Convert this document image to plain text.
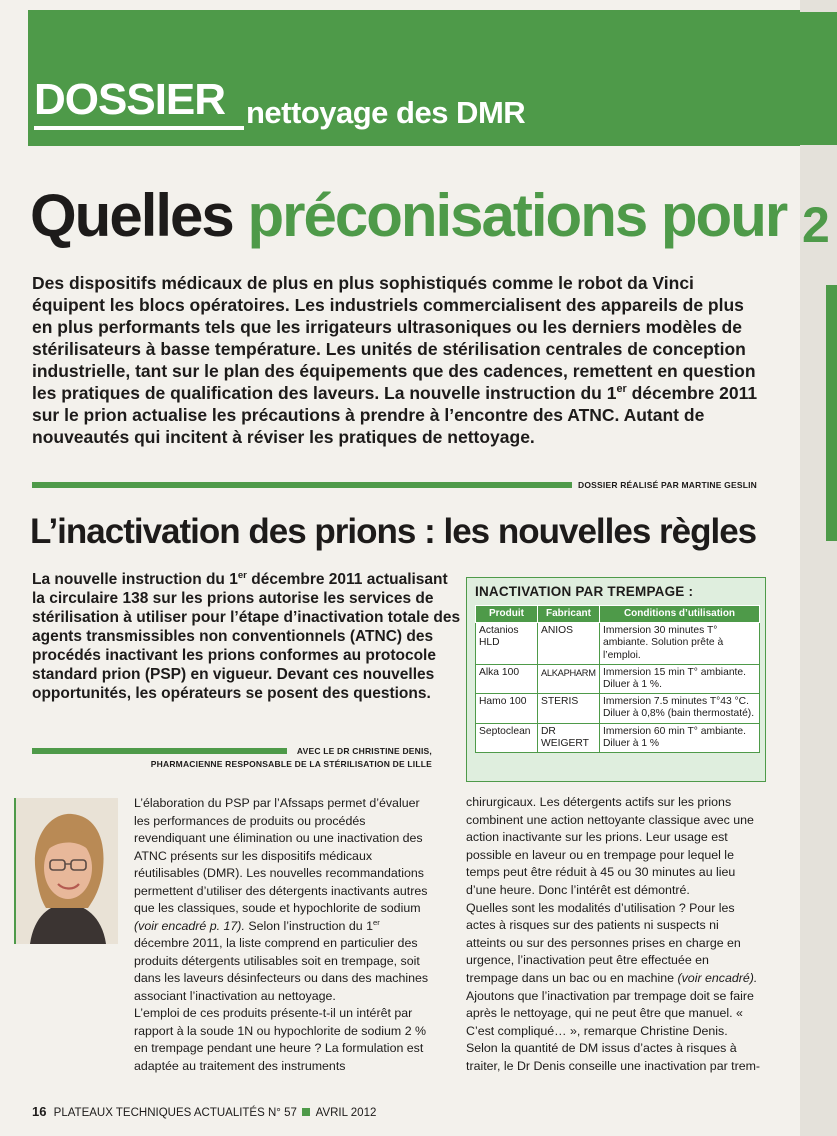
DOSSIER nettoyage des DMR
Quelles préconisations pour
Des dispositifs médicaux de plus en plus sophistiqués comme le robot da Vinci équipent les blocs opératoires. Les industriels commercialisent des appareils de plus en plus performants tels que les irrigateurs ultrasoniques ou les derniers modèles de stérilisateurs à basse température. Les unités de stérilisation centrales de conception industrielle, tant sur le plan des équipements que des cadences, remettent en question les pratiques de qualification des laveurs. La nouvelle instruction du 1er décembre 2011 sur le prion actualise les précautions à prendre à l’encontre des ATNC. Autant de nouveautés qui incitent à réviser les pratiques de nettoyage.
DOSSIER RÉALISÉ PAR MARTINE GESLIN
L’inactivation des prions : les nouvelles règles
La nouvelle instruction du 1er décembre 2011 actualisant la circulaire 138 sur les prions autorise les services de stérilisation à utiliser pour l’étape d’inactivation totale des agents transmissibles non conventionnels (ATNC) des procédés inactivant les prions conformes au protocole standard prion (PSP) en vigueur. Devant ces nouvelles opportunités, les opérateurs se posent des questions.
AVEC LE DR CHRISTINE DENIS,
PHARMACIENNE RESPONSABLE DE LA STÉRILISATION DE LILLE

L’élaboration du PSP par l’Afssaps permet d’évaluer les performances de produits ou procédés revendiquant une élimination ou une inactivation des ATNC présents sur les dispositifs médicaux réutilisables (DMR). Les nouvelles recommandations permettent d’utiliser des détergents inactivants autres que les classiques, soude et hypochlorite de sodium (voir encadré p. 17). Selon l’instruction du 1er décembre 2011, la liste comprend en particulier des produits détergents utilisables soit en trempage, soit dans les laveurs désinfecteurs ou dans des machines associant l’inactivation au nettoyage.

L’emploi de ces produits présente-t-il un intérêt par rapport à la soude 1N ou hypochlorite de sodium 2 % en trempage pendant une heure ? La formulation est adaptée au traitement des instruments

INACTIVATION PAR TREMPAGE :
Produit	Fabricant	Conditions d’utilisation
Actanios HLD	ANIOS	Immersion 30 minutes T° ambiante. Solution prête à l’emploi.
Alka 100	ALKAPHARM	Immersion 15 min T° ambiante. Diluer à 1 %.
Hamo 100	STERIS	Immersion 7.5 minutes T°43 °C. Diluer à 0,8% (bain thermostaté).
Septoclean	DR WEIGERT	Immersion 60 min T° ambiante. Diluer à 1 %

chirurgicaux. Les détergents actifs sur les prions combinent une action nettoyante classique avec une action inactivante sur les prions. Leur usage est possible en laveur ou en trempage pour lequel le temps peut être réduit à 45 ou 30 minutes au lieu d’une heure. Donc l’intérêt est démontré.

Quelles sont les modalités d’utilisation ? Pour les actes à risques sur des patients ni suspects ni atteints ou sur des personnes prises en charge en urgence, l’inactivation peut être effectuée en trempage dans un bac ou en machine (voir encadré). Ajoutons que l’inactivation par trempage doit se faire après le nettoyage, qui ne peut être que manuel. « C’est compliqué… », remarque Christine Denis. Selon la quantité de DM issus d’actes à risques à traiter, le Dr Denis conseille une inactivation par trem-

16 PLATEAUX TECHNIQUES ACTUALITÉS N° 57 AVRIL 2012
2
